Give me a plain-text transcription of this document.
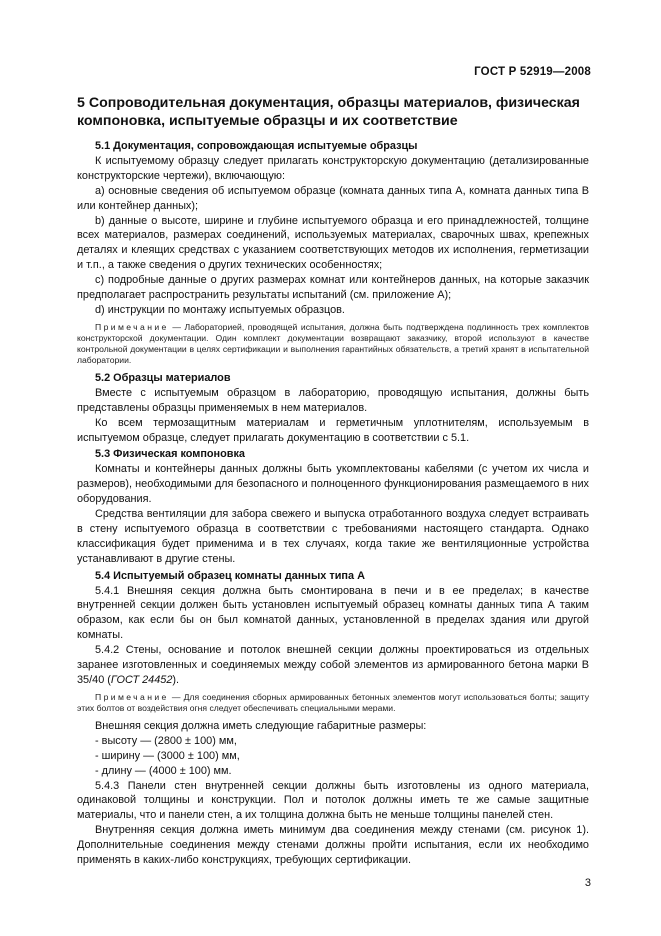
ГОСТ Р 52919—2008
5 Сопроводительная документация, образцы материалов, физическая компоновка, испытуемые образцы и их соответствие

5.1 Документация, сопровождающая испытуемые образцы

К испытуемому образцу следует прилагать конструкторскую документацию (детализированные конструкторские чертежи), включающую:

а) основные сведения об испытуемом образце (комната данных типа А, комната данных типа В или контейнер данных);

b) данные о высоте, ширине и глубине испытуемого образца и его принадлежностей, толщине всех материалов, размерах соединений, используемых материалах, сварочных швах, крепежных деталях и клеящих средствах с указанием соответствующих методов их исполнения, герметизации и т.п., а также сведения о других технических особенностях;

с) подробные данные о других размерах комнат или контейнеров данных, на которые заказчик предполагает распространить результаты испытаний (см. приложение А);

d) инструкции по монтажу испытуемых образцов.

Примечание — Лабораторией, проводящей испытания, должна быть подтверждена подлинность трех комплектов конструкторской документации. Один комплект документации возвращают заказчику, второй используют в качестве контрольной документации в целях сертификации и выполнения гарантийных обязательств, а третий хранят в испытательной лаборатории.

5.2 Образцы материалов

Вместе с испытуемым образцом в лабораторию, проводящую испытания, должны быть представлены образцы применяемых в нем материалов.

Ко всем термозащитным материалам и герметичным уплотнителям, используемым в испытуемом образце, следует прилагать документацию в соответствии с 5.1.

5.3 Физическая компоновка

Комнаты и контейнеры данных должны быть укомплектованы кабелями (с учетом их числа и размеров), необходимыми для безопасного и полноценного функционирования размещаемого в них оборудования.

Средства вентиляции для забора свежего и выпуска отработанного воздуха следует встраивать в стену испытуемого образца в соответствии с требованиями настоящего стандарта. Однако классификация будет применима и в тех случаях, когда такие же вентиляционные устройства устанавливают в другие стены.

5.4 Испытуемый образец комнаты данных типа А

5.4.1 Внешняя секция должна быть смонтирована в печи и в ее пределах; в качестве внутренней секции должен быть установлен испытуемый образец комнаты данных типа А таким образом, как если бы он был комнатой данных, установленной в пределах здания или другой комнаты.

5.4.2 Стены, основание и потолок внешней секции должны проектироваться из отдельных заранее изготовленных и соединяемых между собой элементов из армированного бетона марки В 35/40 (ГОСТ 24452).

Примечание — Для соединения сборных армированных бетонных элементов могут использоваться болты; защиту этих болтов от воздействия огня следует обеспечивать специальными мерами.

Внешняя секция должна иметь следующие габаритные размеры:

- высоту — (2800 ± 100) мм,

- ширину — (3000 ± 100) мм,

- длину — (4000 ± 100) мм.

5.4.3 Панели стен внутренней секции должны быть изготовлены из одного материала, одинаковой толщины и конструкции. Пол и потолок должны иметь те же самые защитные материалы, что и панели стен, а их толщина должна быть не меньше толщины панелей стен.

Внутренняя секция должна иметь минимум два соединения между стенами (см. рисунок 1). Дополнительные соединения между стенами должны пройти испытания, если их необходимо применять в каких-либо конструкциях, требующих сертификации.

3
